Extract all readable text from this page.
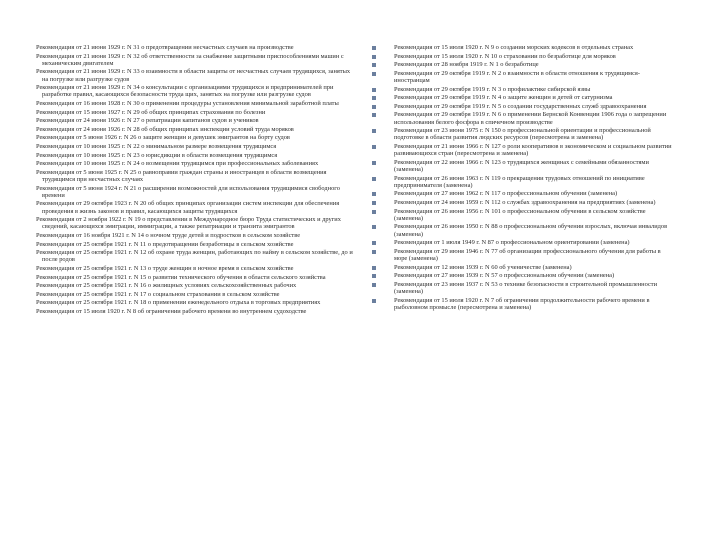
Рекомендация от 21 июня 1929 г. N 31 о предотвращении несчастных случаев на производстве
Рекомендация от 21 июня 1929 г. N 32 об ответственности за снабжение защитными приспособлениями машин с механическим двигателем
Рекомендация от 21 июня 1929 г. N 33 о взаимности в области защиты от несчастных случаев трудящихся, занятых на погрузке или разгрузке судов
Рекомендация от 21 июня 1929 г. N 34 о консультации с организациями трудящихся и предпринимателей при разработке правил, касающихся безопасности труда щих, занятых на погрузке или разгрузке судов
Рекомендация от 16 июня 1928 г. N 30 о применении процедуры установления минимальной заработной платы
Рекомендация от 15 июня 1927 г. N 29 об общих принципах страхования по болезни
Рекомендация от 24 июня 1926 г. N 27 о репатриации капитанов судов и учеников
Рекомендация от 24 июня 1926 г. N 28 об общих принципах инспекции условий труда моряков
Рекомендация от 5 июня 1926 г. N 26 о защите женщин и девушек эмигрантов на борту судов
Рекомендация от 10 июня 1925 г. N 22 о минимальном размере возмещения трудящимся
Рекомендация от 10 июня 1925 г. N 23 о юрисдикции в области возмещения трудящимся
Рекомендация от 10 июня 1925 г. N 24 о возмещении трудящимся при профессиональных заболеваниях
Рекомендация от 5 июня 1925 г. N 25 о равноправии граждан страны и иностранцев в области возмещения трудящимся при несчастных случаях
Рекомендация от 5 июня 1924 г. N 21 о расширении возможностей для использования трудящимися свободного времени
Рекомендация от 29 октября 1923 г. N 20 об общих принципах организации систем инспекции для обеспечения проведения в жизнь законов и правил, касающихся защиты трудящихся
Рекомендация от 2 ноября 1922 г. N 19 о представлении в Международное бюро Труда статистических и других сведений, касающихся эмиграции, иммиграции, а также репатриации и транзита эмигрантов
Рекомендация от 16 ноября 1921 г. N 14 о ночном труде детей и подростков в сельском хозяйстве
Рекомендация от 25 октября 1921 г. N 11 о предотвращении безработицы в сельском хозяйстве
Рекомендация от 25 октября 1921 г. N 12 об охране труда женщин, работающих по найму в сельском хозяйстве, до и после родов
Рекомендация от 25 октября 1921 г. N 13 о труде женщин в ночное время в сельском хозяйстве
Рекомендация от 25 октября 1921 г. N 15 о развитии технического обучения в области сельского хозяйства
Рекомендация от 25 октября 1921 г. N 16 о жилищных условиях сельскохозяйственных рабочих
Рекомендация от 25 октября 1921 г. N 17 о социальном страховании в сельском хозяйстве
Рекомендация от 25 октября 1921 г. N 18 о применении еженедельного отдыха в торговых предприятиях
Рекомендация от 15 июля 1920 г. N 8 об ограничении рабочего времени во внутреннем судоходстве
Рекомендация от 15 июля 1920 г. N 9 о создании морских кодексов в отдельных странах
Рекомендация от 15 июля 1920 г. N 10 о страховании по безработице для моряков
Рекомендация от 28 ноября 1919 г. N 1 о безработице
Рекомендация от 29 октября 1919 г. N 2 о взаимности в области отношения к трудящимся-иностранцам
Рекомендация от 29 октября 1919 г. N 3 о профилактике сибирской язвы
Рекомендация от 29 октября 1919 г. N 4 о защите женщин и детей от сатурнизма
Рекомендация от 29 октября 1919 г. N 5 о создании государственных служб здравоохранения
Рекомендация от 29 октября 1919 г. N 6 о применении Бернской Конвенции 1906 года о запрещении использования белого фосфора в спичечном производстве
Рекомендация от 23 июня 1975 г. N 150 о профессиональной ориентации и профессиональной подготовке в области развития людских ресурсов (пересмотрена и заменена)
Рекомендация от 21 июня 1966 г. N 127 о роли кооперативов в экономическом и социальном развитии развивающихся стран (пересмотрена и заменена)
Рекомендация от 22 июня 1966 г. N 123 о трудящихся женщинах с семейными обязанностями (заменена)
Рекомендация от 26 июня 1963 г. N 119 о прекращении трудовых отношений по инициативе предпринимателя (заменена)
Рекомендация от 27 июня 1962 г. N 117 о профессиональном обучении (заменена)
Рекомендация от 24 июня 1959 г. N 112 о службах здравоохранения на предприятиях (заменена)
Рекомендация от 26 июня 1956 г. N 101 о профессиональном обучении в сельском хозяйстве (заменена)
Рекомендация от 26 июня 1950 г. N 88 о профессиональном обучении взрослых, включая инвалидов (заменена)
Рекомендация от 1 июля 1949 г. N 87 о профессиональном ориентировании (заменена)
Рекомендация от 29 июня 1946 г. N 77 об организации профессионального обучения для работы в море (заменена)
Рекомендация от 12 июня 1939 г. N 60 об ученичестве (заменена)
Рекомендация от 27 июня 1939 г. N 57 о профессиональном обучении (заменена)
Рекомендация от 23 июня 1937 г. N 53 о технике безопасности в строительной промышленности (заменена)
Рекомендация от 15 июля 1920 г. N 7 об ограничении продолжительности рабочего времени в рыболовном промысле (пересмотрена и заменена)
